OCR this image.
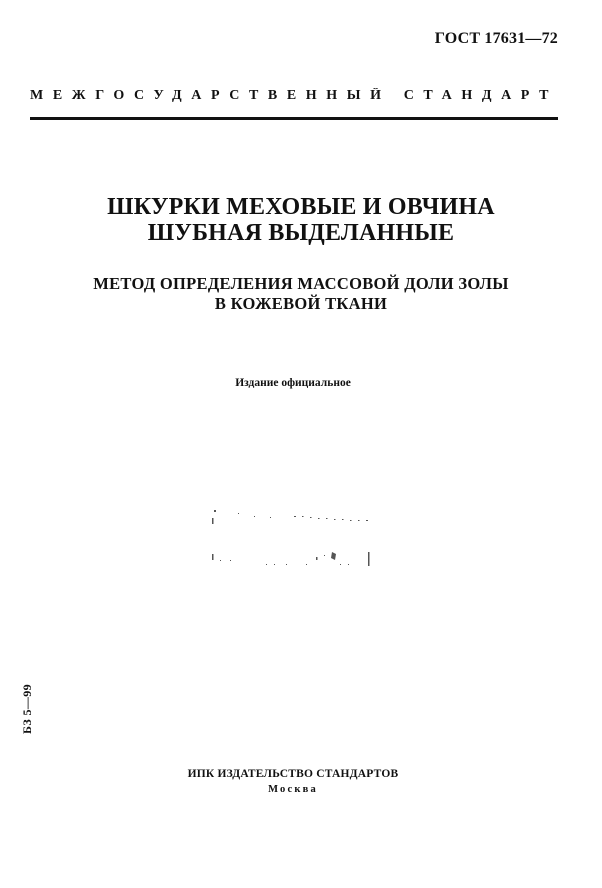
ГОСТ 17631—72
МЕЖГОСУДАРСТВЕННЫЙ СТАНДАРТ
ШКУРКИ МЕХОВЫЕ И ОВЧИНА
ШУБНАЯ ВЫДЕЛАННЫЕ
МЕТОД ОПРЕДЕЛЕНИЯ МАССОВОЙ ДОЛИ ЗОЛЫ
В КОЖЕВОЙ ТКАНИ
Издание официальное
БЗ 5—99
ИПК ИЗДАТЕЛЬСТВО СТАНДАРТОВ
Москва
